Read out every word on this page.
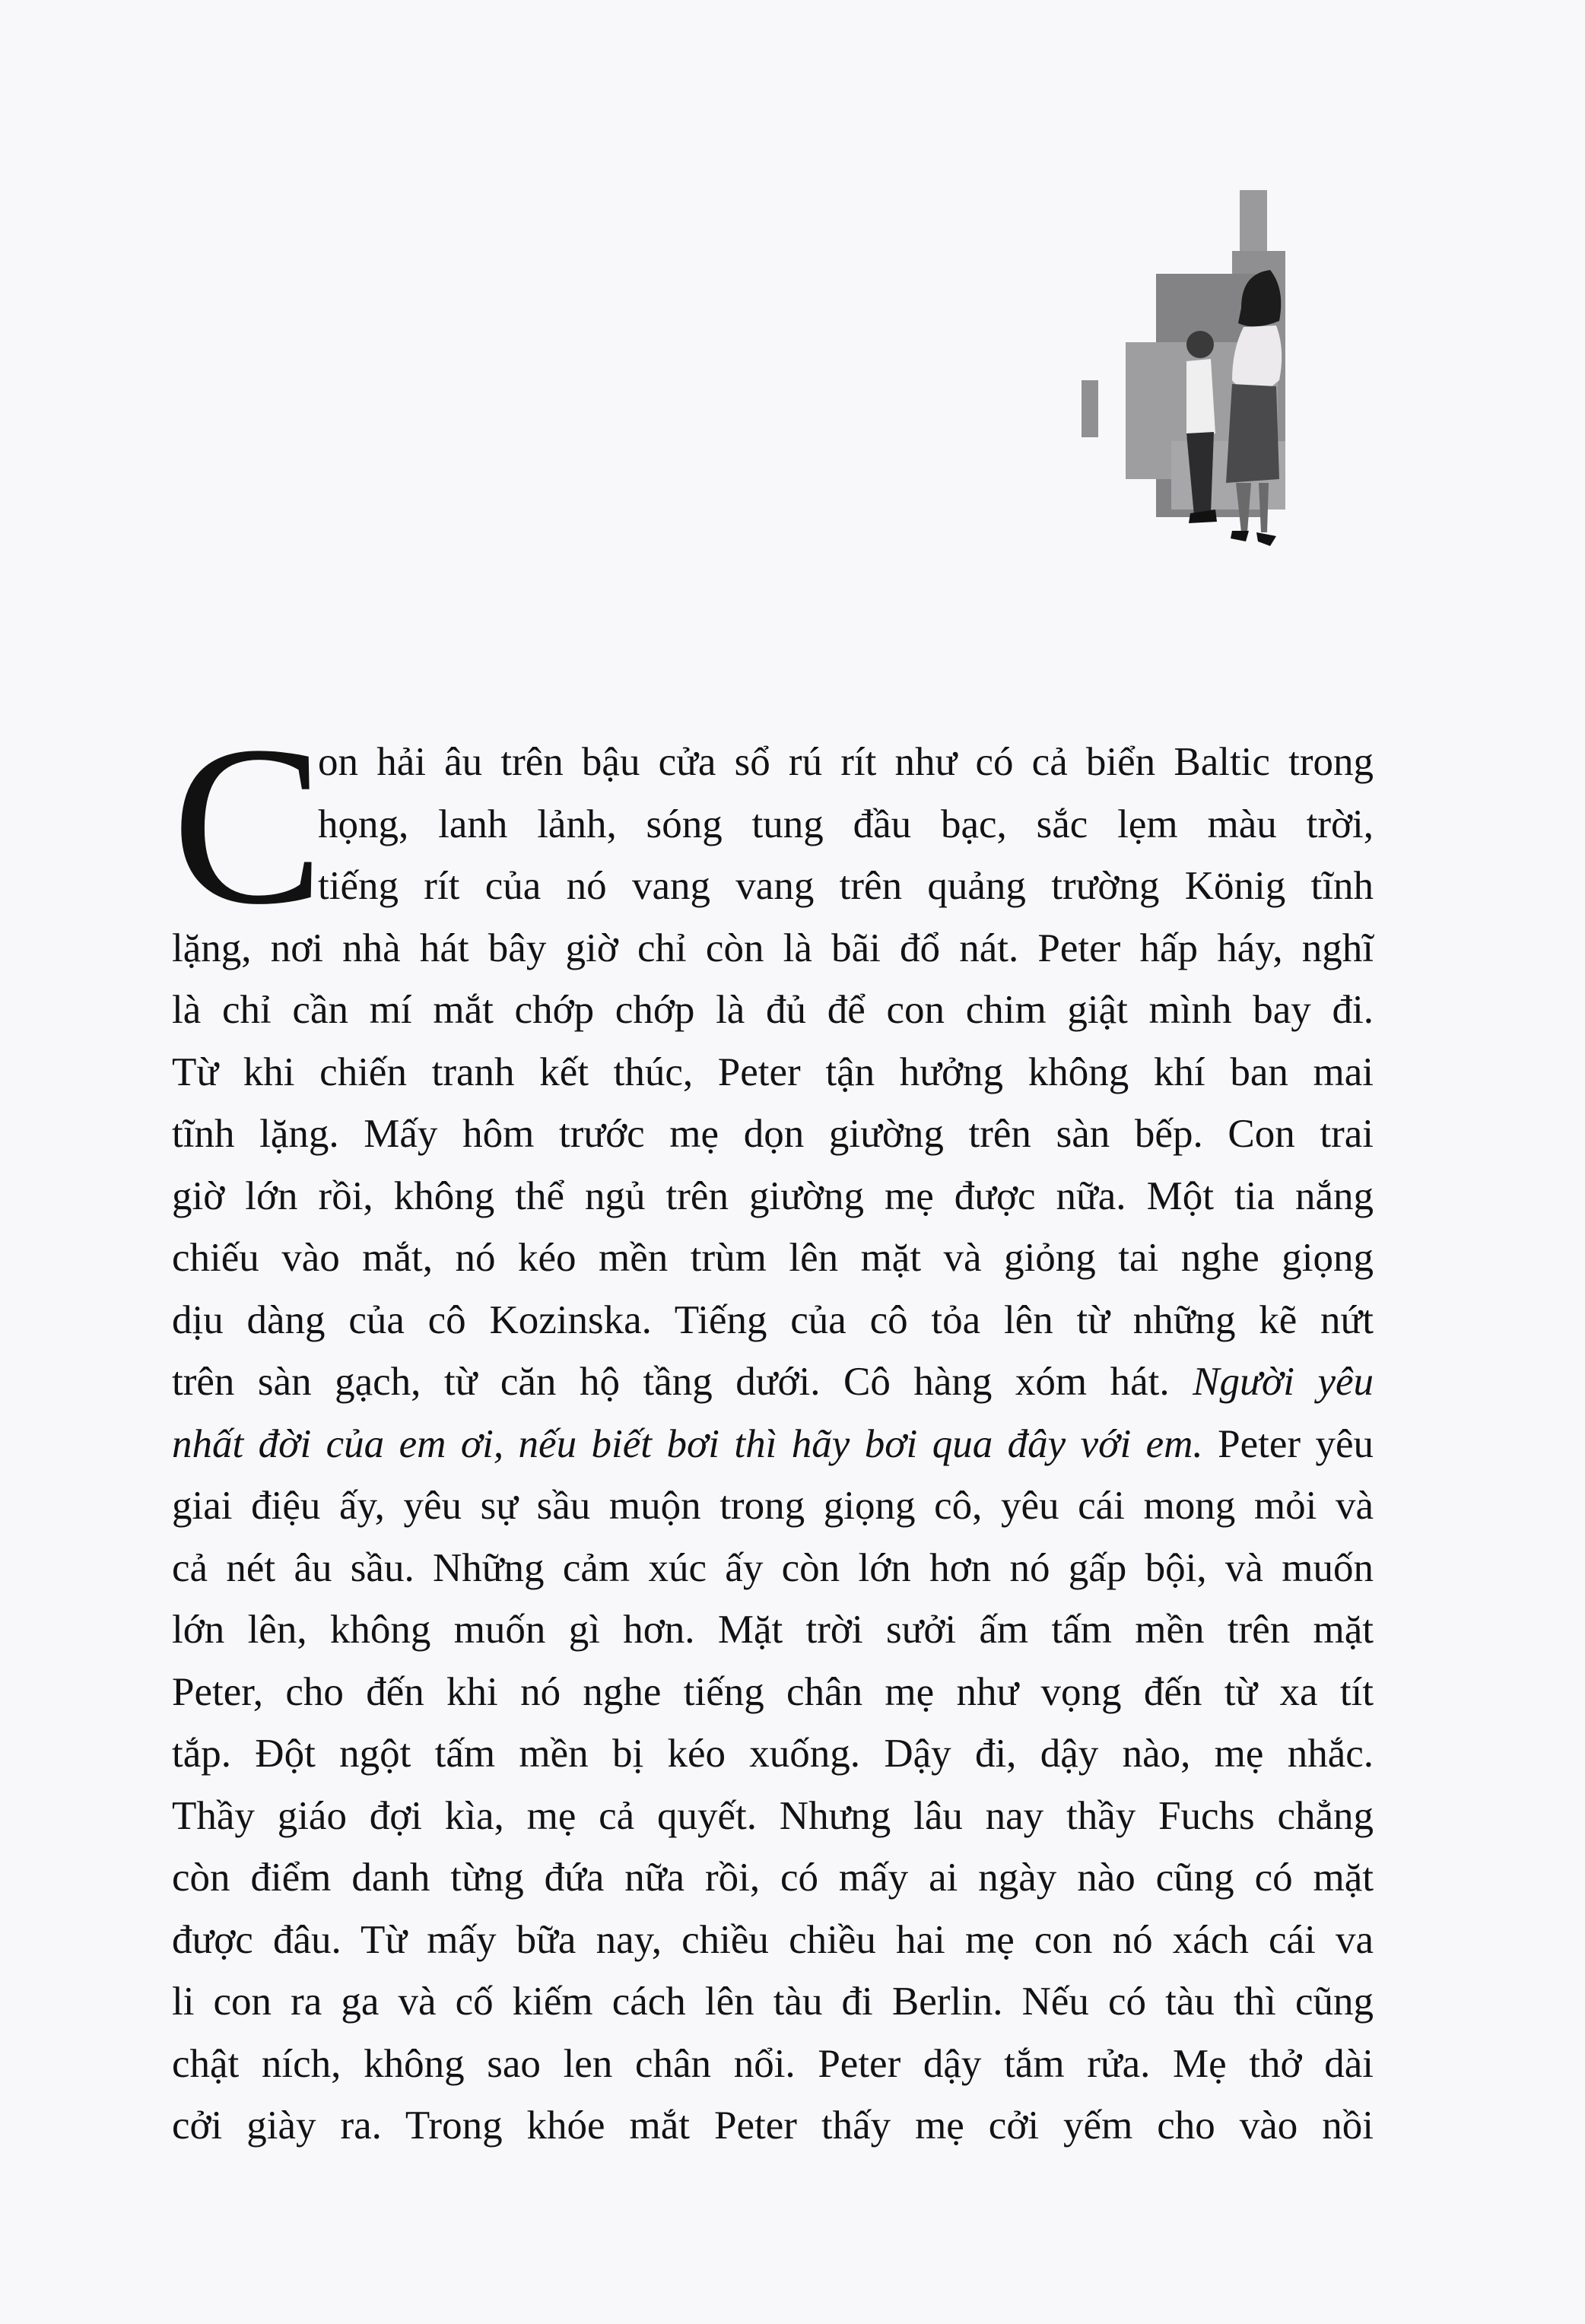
C
on hải âu trên bậu cửa sổ rú rít như có cả biển Baltic trong
họng, lanh lảnh, sóng tung đầu bạc, sắc lẹm màu trời,
tiếng rít của nó vang vang trên quảng trường König tĩnh
lặng, nơi nhà hát bây giờ chỉ còn là bãi đổ nát. Peter hấp háy, nghĩ
là chỉ cần mí mắt chớp chớp là đủ để con chim giật mình bay đi.
Từ khi chiến tranh kết thúc, Peter tận hưởng không khí ban mai
tĩnh lặng. Mấy hôm trước mẹ dọn giường trên sàn bếp. Con trai
giờ lớn rồi, không thể ngủ trên giường mẹ được nữa. Một tia nắng
chiếu vào mắt, nó kéo mền trùm lên mặt và giỏng tai nghe giọng
dịu dàng của cô Kozinska. Tiếng của cô tỏa lên từ những kẽ nứt
trên sàn gạch, từ căn hộ tầng dưới. Cô hàng xóm hát. Người yêu
nhất đời của em ơi, nếu biết bơi thì hãy bơi qua đây với em. Peter yêu
giai điệu ấy, yêu sự sầu muộn trong giọng cô, yêu cái mong mỏi và
cả nét âu sầu. Những cảm xúc ấy còn lớn hơn nó gấp bội, và muốn
lớn lên, không muốn gì hơn. Mặt trời sưởi ấm tấm mền trên mặt
Peter, cho đến khi nó nghe tiếng chân mẹ như vọng đến từ xa tít
tắp. Đột ngột tấm mền bị kéo xuống. Dậy đi, dậy nào, mẹ nhắc.
Thầy giáo đợi kìa, mẹ cả quyết. Nhưng lâu nay thầy Fuchs chẳng
còn điểm danh từng đứa nữa rồi, có mấy ai ngày nào cũng có mặt
được đâu. Từ mấy bữa nay, chiều chiều hai mẹ con nó xách cái va
li con ra ga và cố kiếm cách lên tàu đi Berlin. Nếu có tàu thì cũng
chật ních, không sao len chân nổi. Peter dậy tắm rửa. Mẹ thở dài
cởi giày ra. Trong khóe mắt Peter thấy mẹ cởi yếm cho vào nồi
